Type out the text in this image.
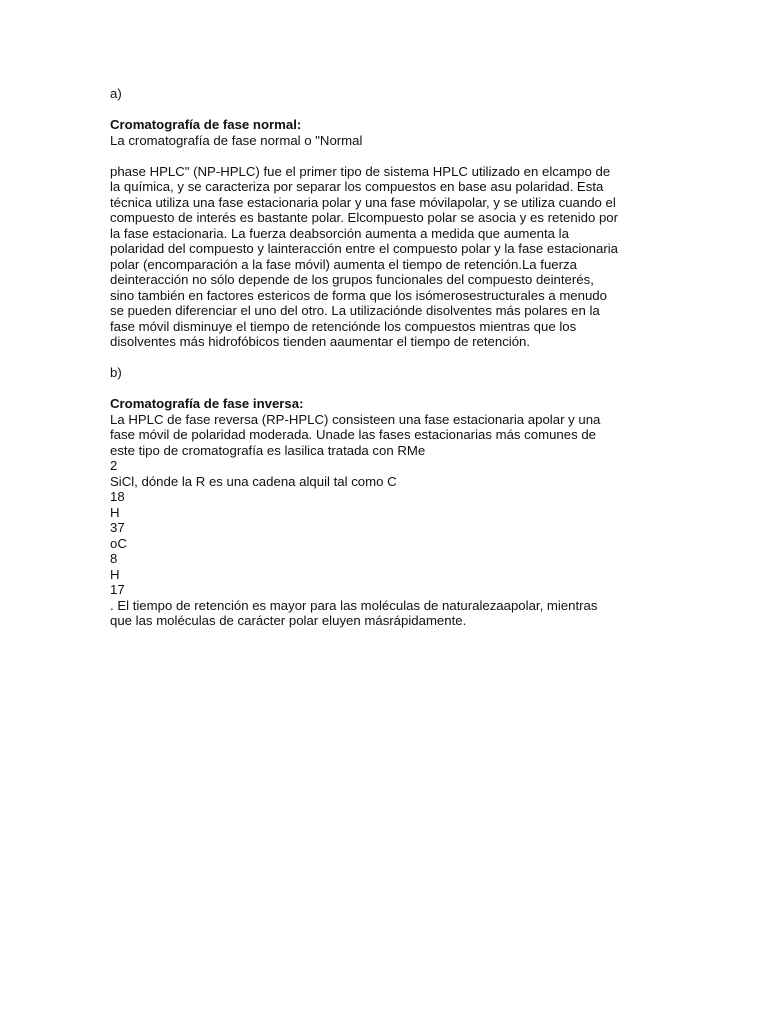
a)
Cromatografía de fase normal:
La cromatografía de fase normal o "Normal
phase HPLC" (NP-HPLC) fue el primer tipo de sistema HPLC utilizado en elcampo de
la química, y se caracteriza por separar los compuestos en base asu polaridad. Esta
técnica utiliza una fase estacionaria polar y una fase móvilapolar, y se utiliza cuando el
compuesto de interés es bastante polar. Elcompuesto polar se asocia y es retenido por
la fase estacionaria. La fuerza deabsorción aumenta a medida que aumenta la
polaridad del compuesto y lainteracción entre el compuesto polar y la fase estacionaria
polar (encomparación a la fase móvil) aumenta el tiempo de retención.La fuerza
deinteracción no sólo depende de los grupos funcionales del compuesto deinterés,
sino también en factores estericos de forma que los isómerosestructurales a menudo
se pueden diferenciar el uno del otro. La utilizaciónde disolventes más polares en la
fase móvil disminuye el tiempo de retenciónde los compuestos mientras que los
disolventes más hidrofóbicos tienden aaumentar el tiempo de retención.
b)
Cromatografía de fase inversa:
La HPLC de fase reversa (RP-HPLC) consisteen una fase estacionaria apolar y una
fase móvil de polaridad moderada. Unade las fases estacionarias más comunes de
este tipo de cromatografía es lasilica tratada con RMe
2
SiCl, dónde la R es una cadena alquil tal como C
18
H
37
oC
8
H
17
. El tiempo de retención es mayor para las moléculas de naturalezaapolar, mientras
que las moléculas de carácter polar eluyen másrápidamente.
